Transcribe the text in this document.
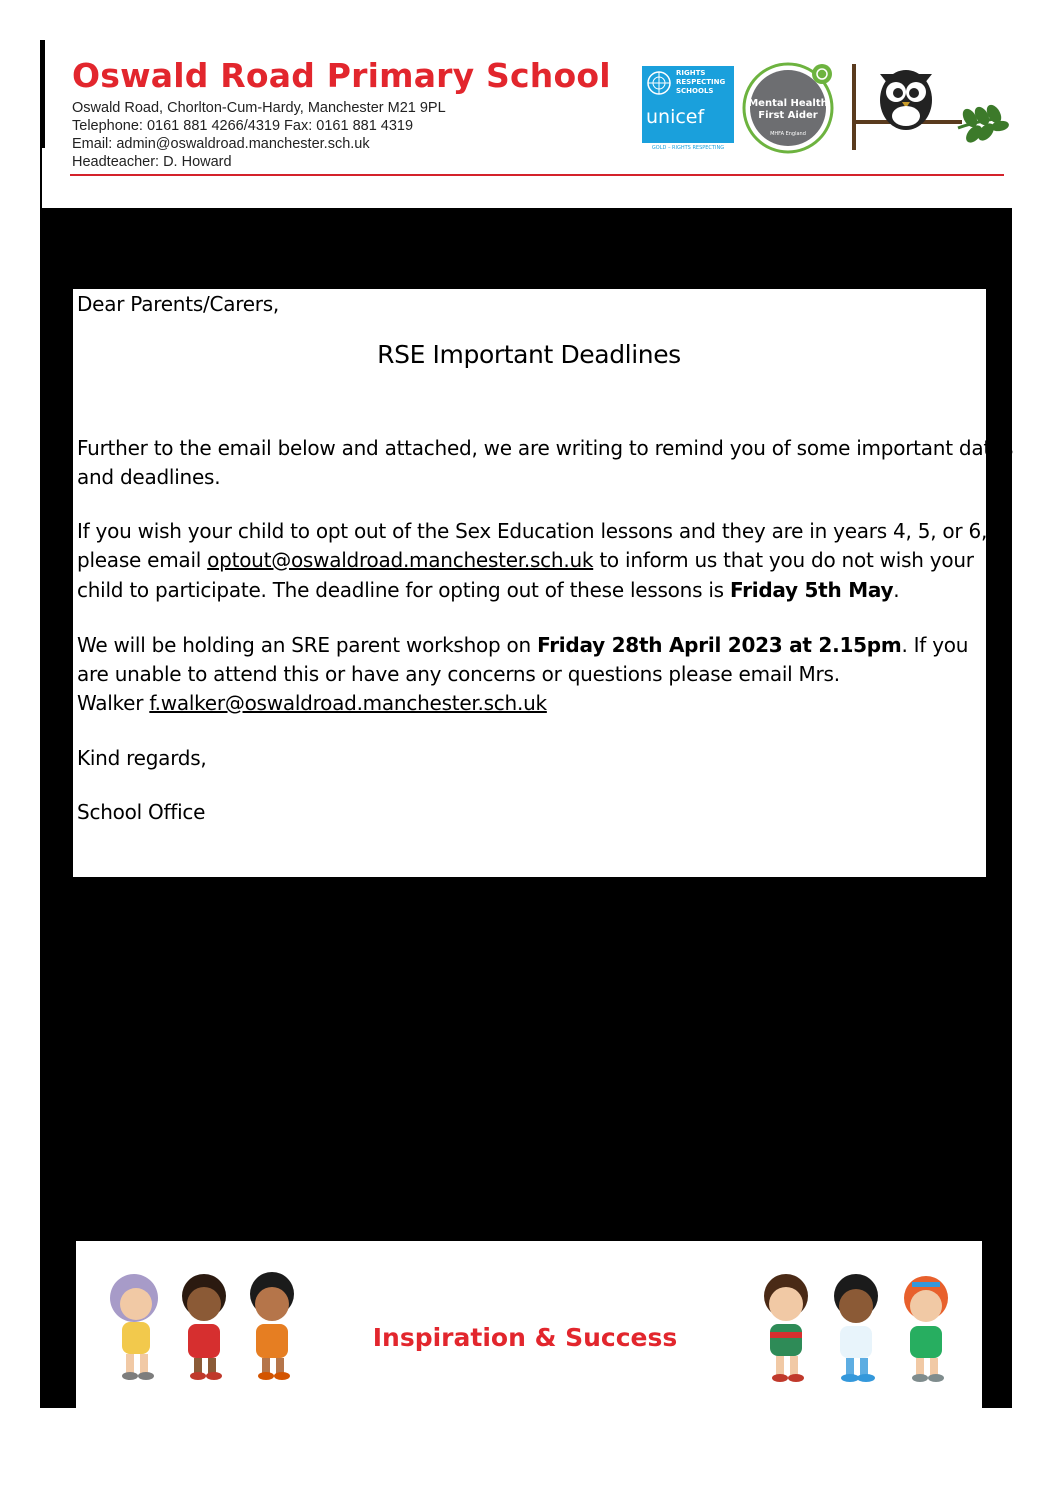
Oswald Road Primary School
Oswald Road, Chorlton-Cum-Hardy, Manchester M21 9PL
Telephone: 0161 881 4266/4319 Fax: 0161 881 4319
Email: admin@oswaldroad.manchester.sch.uk
Headteacher: D. Howard
RIGHTS RESPECTING SCHOOLS
unicef
GOLD – RIGHTS RESPECTING
Mental Health
First Aider
MHFA England
Dear Parents/Carers,
RSE Important Deadlines
Further to the email below and attached, we are writing to remind you of some important dates
and deadlines.
If you wish your child to opt out of the Sex Education lessons and they are in years 4, 5, or 6,
please email optout@oswaldroad.manchester.sch.uk to inform us that you do not wish your
child to participate. The deadline for opting out of these lessons is Friday 5th May.
We will be holding an SRE parent workshop on Friday 28th April 2023 at 2.15pm. If you
are unable to attend this or have any concerns or questions please email Mrs.
Walker f.walker@oswaldroad.manchester.sch.uk
Kind regards,
School Office
Inspiration & Success
